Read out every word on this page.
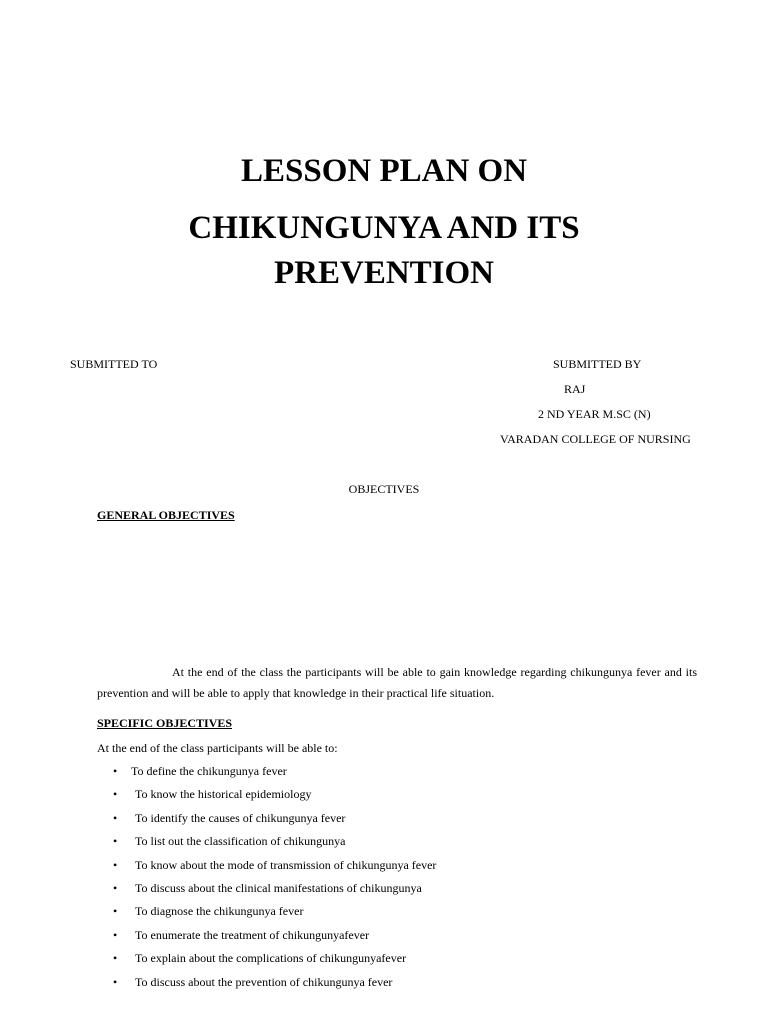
LESSON PLAN ON
CHIKUNGUNYA AND ITS
PREVENTION
SUBMITTED TO	SUBMITTED BY
RAJ
2 ND YEAR M.SC (N)
VARADAN COLLEGE OF NURSING
OBJECTIVES
GENERAL OBJECTIVES
At the end of the class the participants will be able to gain knowledge regarding chikungunya fever and its prevention and will be able to apply that knowledge in their practical life situation.
SPECIFIC OBJECTIVES
At the end of the class participants will be able to:
• To define the chikungunya fever
• To know the historical epidemiology
• To identify the causes of chikungunya fever
• To list out the classification of chikungunya
• To know about the mode of transmission of chikungunya fever
• To discuss about the clinical manifestations of chikungunya
• To diagnose the chikungunya fever
• To enumerate the treatment of chikungunyafever
• To explain about the complications of chikungunyafever
• To discuss about the prevention of chikungunya fever
